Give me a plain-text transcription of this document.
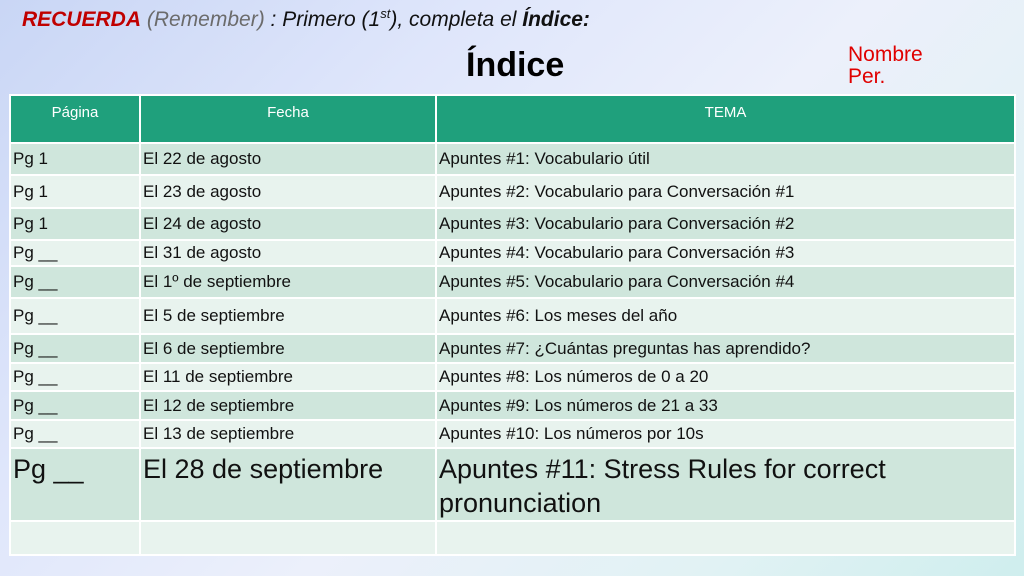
RECUERDA (Remember) : Primero (1st), completa el Índice:
Índice	Nombre
Per.
Página	Fecha	TEMA
Pg 1	El 22 de agosto	Apuntes #1: Vocabulario útil
Pg 1	El 23 de agosto	Apuntes #2: Vocabulario para Conversación #1
Pg 1	El 24 de agosto	Apuntes #3: Vocabulario para Conversación #2
Pg __	El 31 de agosto	Apuntes #4: Vocabulario para Conversación #3
Pg __	El 1º de septiembre	Apuntes #5: Vocabulario para Conversación #4
Pg __	El 5 de septiembre	Apuntes #6: Los meses del año
Pg __	El 6 de septiembre	Apuntes #7: ¿Cuántas preguntas has aprendido?
Pg __	El 11 de septiembre	Apuntes #8: Los números de 0 a 20
Pg __	El 12 de septiembre	Apuntes #9: Los números de 21 a 33
Pg __	El 13 de septiembre	Apuntes #10: Los números por 10s
Pg __	El 28 de septiembre	Apuntes #11: Stress Rules for correct pronunciation
